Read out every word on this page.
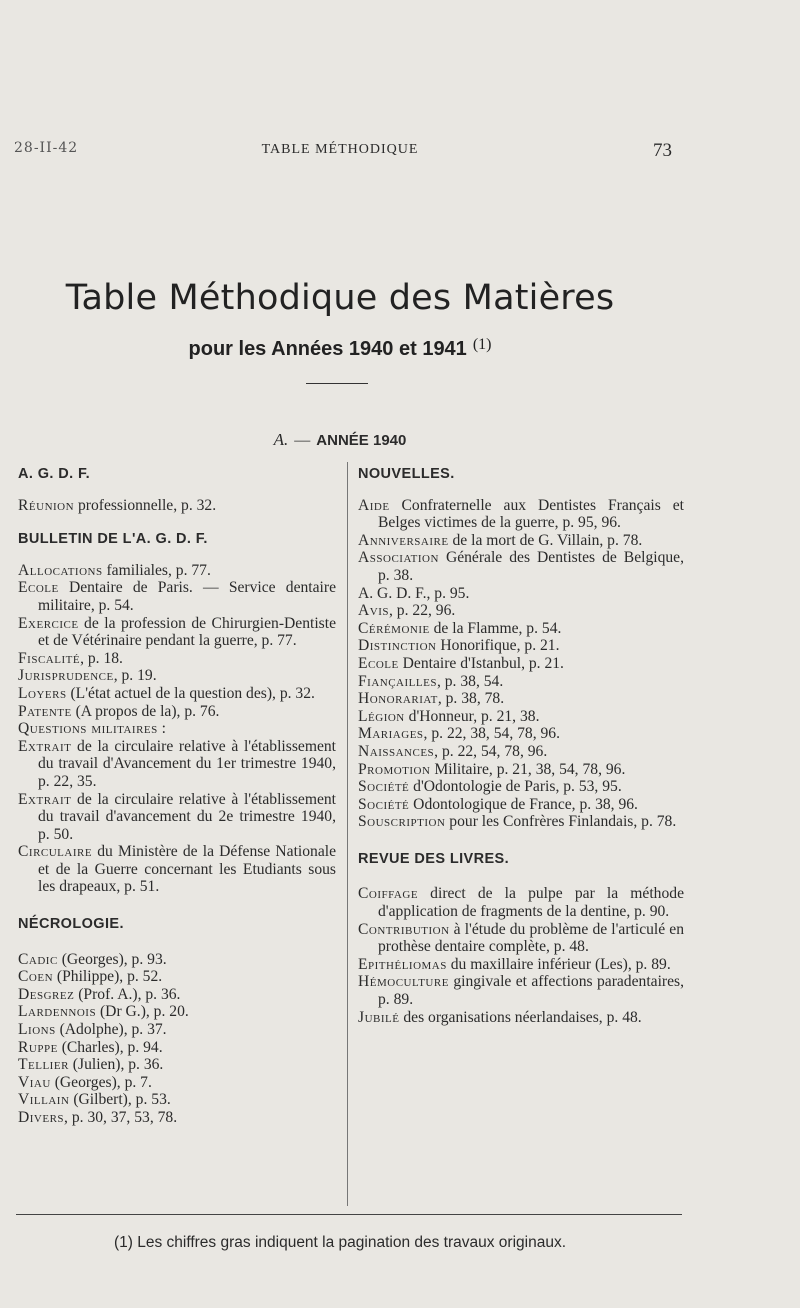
28-II-42	TABLE MÉTHODIQUE	73
Table Méthodique des Matières
pour les Années 1940 et 1941 $^{(1)}$
A. — ANNÉE 1940

A. G. D. F.

Réunion professionnelle, p. 32.

BULLETIN DE L'A. G. D. F.

Allocations familiales, p. 77.

Ecole Dentaire de Paris. — Service dentaire militaire, p. 54.

Exercice de la profession de Chirurgien-Dentiste et de Vétérinaire pendant la guerre, p. 77.

Fiscalité, p. 18.

Jurisprudence, p. 19.

Loyers (L'état actuel de la question des), p. 32.

Patente (A propos de la), p. 76.

Questions militaires :

Extrait de la circulaire relative à l'établissement du travail d'Avancement du 1er trimestre 1940, p. 22, 35.

Extrait de la circulaire relative à l'établissement du travail d'avancement du 2e trimestre 1940, p. 50.

Circulaire du Ministère de la Défense Nationale et de la Guerre concernant les Etudiants sous les drapeaux, p. 51.

NÉCROLOGIE.

Cadic (Georges), p. 93.

Coen (Philippe), p. 52.

Desgrez (Prof. A.), p. 36.

Lardennois (Dr G.), p. 20.

Lions (Adolphe), p. 37.

Ruppe (Charles), p. 94.

Tellier (Julien), p. 36.

Viau (Georges), p. 7.

Villain (Gilbert), p. 53.

Divers, p. 30, 37, 53, 78.

NOUVELLES.

Aide Confraternelle aux Dentistes Français et Belges victimes de la guerre, p. 95, 96.

Anniversaire de la mort de G. Villain, p. 78.

Association Générale des Dentistes de Belgique, p. 38.

A. G. D. F., p. 95.

Avis, p. 22, 96.

Cérémonie de la Flamme, p. 54.

Distinction Honorifique, p. 21.

Ecole Dentaire d'Istanbul, p. 21.

Fiançailles, p. 38, 54.

Honorariat, p. 38, 78.

Légion d'Honneur, p. 21, 38.

Mariages, p. 22, 38, 54, 78, 96.

Naissances, p. 22, 54, 78, 96.

Promotion Militaire, p. 21, 38, 54, 78, 96.

Société d'Odontologie de Paris, p. 53, 95.

Société Odontologique de France, p. 38, 96.

Souscription pour les Confrères Finlandais, p. 78.

REVUE DES LIVRES.

Coiffage direct de la pulpe par la méthode d'application de fragments de la dentine, p. 90.

Contribution à l'étude du problème de l'articulé en prothèse dentaire complète, p. 48.

Epithéliomas du maxillaire inférieur (Les), p. 89.

Hémoculture gingivale et affections paradentaires, p. 89.

Jubilé des organisations néerlandaises, p. 48.

(1) Les chiffres gras indiquent la pagination des travaux originaux.
